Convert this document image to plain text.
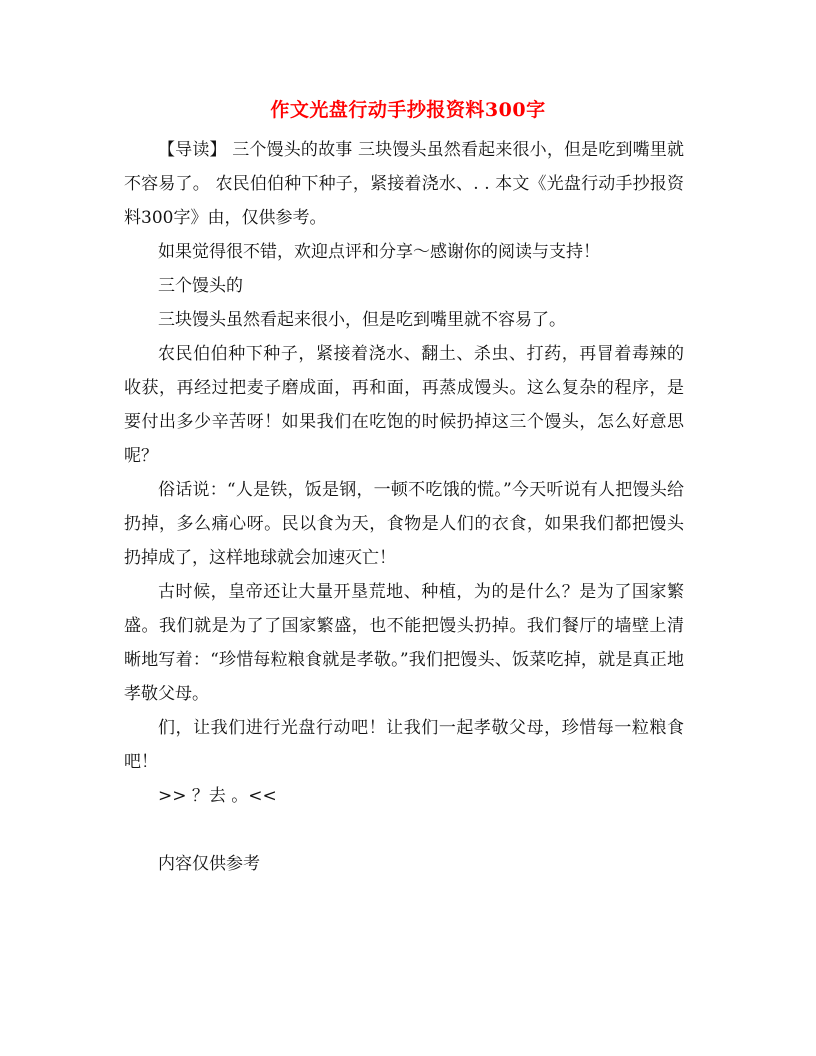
作文光盘行动手抄报资料300字

【导读】 三个馒头的故事 三块馒头虽然看起来很小，但是吃到嘴里就不容易了。 农民伯伯种下种子，紧接着浇水、. . 本文《光盘行动手抄报资料300字》由，仅供参考。

如果觉得很不错，欢迎点评和分享～感谢你的阅读与支持！

三个馒头的

三块馒头虽然看起来很小，但是吃到嘴里就不容易了。

农民伯伯种下种子，紧接着浇水、翻土、杀虫、打药，再冒着毒辣的收获，再经过把麦子磨成面，再和面，再蒸成馒头。这么复杂的程序，是要付出多少辛苦呀！如果我们在吃饱的时候扔掉这三个馒头，怎么好意思呢？

俗话说：“人是铁，饭是钢，一顿不吃饿的慌。”今天听说有人把馒头给扔掉，多么痛心呀。民以食为天，食物是人们的衣食，如果我们都把馒头扔掉成了，这样地球就会加速灭亡！

古时候，皇帝还让大量开垦荒地、种植，为的是什么？是为了国家繁盛。我们就是为了了国家繁盛，也不能把馒头扔掉。我们餐厅的墙壁上清晰地写着：“珍惜每粒粮食就是孝敬。”我们把馒头、饭菜吃掉，就是真正地孝敬父母。

们，让我们进行光盘行动吧！让我们一起孝敬父母，珍惜每一粒粮食吧！

>> ？去 。<<

内容仅供参考
